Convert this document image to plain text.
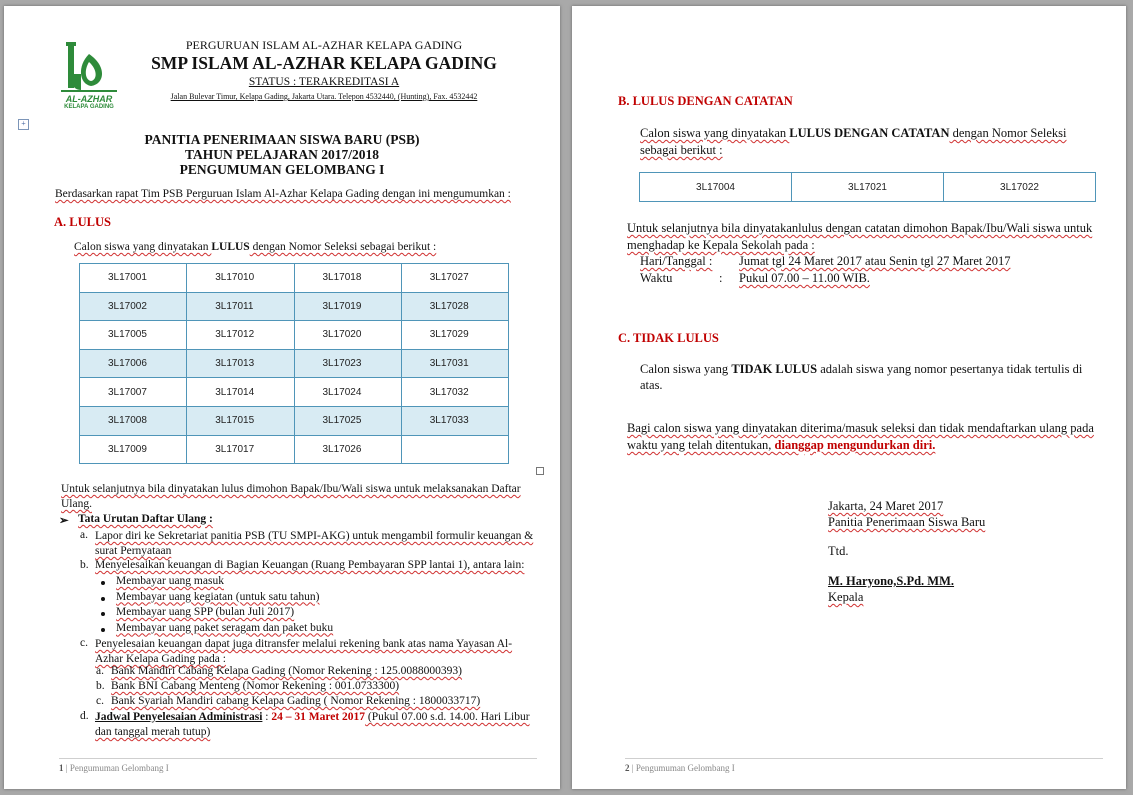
AL-AZHAR
KELAPA GADING
PERGURUAN ISLAM AL-AZHAR KELAPA GADING
SMP ISLAM AL-AZHAR KELAPA GADING
STATUS : TERAKREDITASI A
Jalan Bulevar Timur, Kelapa Gading, Jakarta Utara. Telepon 4532440, (Hunting), Fax. 4532442
+
PANITIA PENERIMAAN SISWA BARU (PSB)
TAHUN PELAJARAN 2017/2018
PENGUMUMAN GELOMBANG I
Berdasarkan rapat Tim PSB Perguruan Islam Al-Azhar Kelapa Gading dengan ini mengumumkan :
A. LULUS
Calon siswa yang dinyatakan LULUS dengan Nomor Seleksi sebagai berikut :
3L17001	3L17010	3L17018	3L17027
3L17002	3L17011	3L17019	3L17028
3L17005	3L17012	3L17020	3L17029
3L17006	3L17013	3L17023	3L17031
3L17007	3L17014	3L17024	3L17032
3L17008	3L17015	3L17025	3L17033
3L17009	3L17017	3L17026	
Untuk selanjutnya bila dinyatakan lulus dimohon Bapak/Ibu/Wali siswa untuk melaksanakan Daftar Ulang.
➢ Tata Urutan Daftar Ulang :
a. Lapor diri ke Sekretariat panitia PSB (TU SMPI-AKG) untuk mengambil formulir keuangan & surat Pernyataan
b. Menyelesaikan keuangan di Bagian Keuangan (Ruang Pembayaran SPP lantai 1), antara lain:
Membayar uang masuk
Membayar uang kegiatan (untuk satu tahun)
Membayar uang SPP (bulan Juli 2017)
Membayar uang paket seragam dan paket buku
c. Penyelesaian keuangan dapat juga ditransfer melalui rekening bank atas nama Yayasan Al-Azhar Kelapa Gading pada :
a. Bank Mandiri Cabang Kelapa Gading (Nomor Rekening : 125.0088000393)
b. Bank BNI Cabang Menteng (Nomor Rekening : 001.0733300)
c. Bank Syariah Mandiri cabang Kelapa Gading ( Nomor Rekening : 1800033717)
d. Jadwal Penyelesaian Administrasi : 24 – 31 Maret 2017 (Pukul 07.00 s.d. 14.00. Hari Libur dan tanggal merah tutup)
1 | Pengumuman Gelombang I
B. LULUS DENGAN CATATAN
Calon siswa yang dinyatakan LULUS DENGAN CATATAN dengan Nomor Seleksi sebagai berikut :
3L17004	3L17021	3L17022
Untuk selanjutnya bila dinyatakanlulus dengan catatan dimohon Bapak/Ibu/Wali siswa untuk menghadap ke Kepala Sekolah pada :
Hari/Tanggal : Jumat tgl 24 Maret 2017 atau Senin tgl 27 Maret 2017
Waktu	: Pukul 07.00 – 11.00 WIB.
C. TIDAK LULUS
Calon siswa yang TIDAK LULUS adalah siswa yang nomor pesertanya tidak tertulis di atas.
Bagi calon siswa yang dinyatakan diterima/masuk seleksi dan tidak mendaftarkan ulang pada waktu yang telah ditentukan, dianggap mengundurkan diri.
Jakarta, 24 Maret 2017
Panitia Penerimaan Siswa Baru
Ttd.
M. Haryono,S.Pd. MM.
Kepala
2 | Pengumuman Gelombang I
